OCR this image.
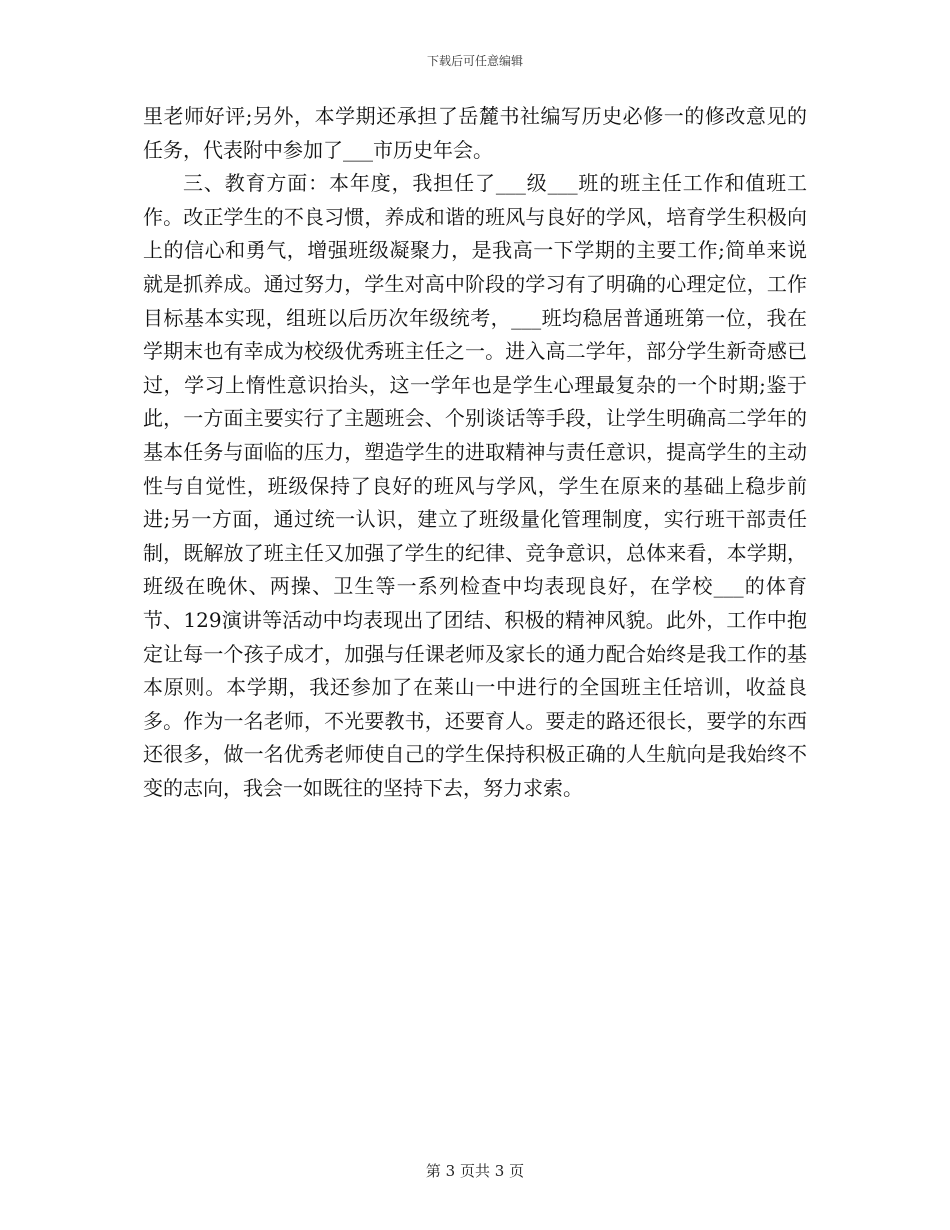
下载后可任意编辑

里老师好评;另外，本学期还承担了岳麓书社编写历史必修一的修改意见的任务，代表附中参加了___市历史年会。

三、教育方面：本年度，我担任了___级___班的班主任工作和值班工作。改正学生的不良习惯，养成和谐的班风与良好的学风，培育学生积极向上的信心和勇气，增强班级凝聚力，是我高一下学期的主要工作;简单来说就是抓养成。通过努力，学生对高中阶段的学习有了明确的心理定位，工作目标基本实现，组班以后历次年级统考，___班均稳居普通班第一位，我在学期末也有幸成为校级优秀班主任之一。进入高二学年，部分学生新奇感已过，学习上惰性意识抬头，这一学年也是学生心理最复杂的一个时期;鉴于此，一方面主要实行了主题班会、个别谈话等手段，让学生明确高二学年的基本任务与面临的压力，塑造学生的进取精神与责任意识，提高学生的主动性与自觉性，班级保持了良好的班风与学风，学生在原来的基础上稳步前进;另一方面，通过统一认识，建立了班级量化管理制度，实行班干部责任制，既解放了班主任又加强了学生的纪律、竞争意识，总体来看，本学期，班级在晚休、两操、卫生等一系列检查中均表现良好，在学校___的体育节、129演讲等活动中均表现出了团结、积极的精神风貌。此外，工作中抱定让每一个孩子成才，加强与任课老师及家长的通力配合始终是我工作的基本原则。本学期，我还参加了在莱山一中进行的全国班主任培训，收益良多。作为一名老师，不光要教书，还要育人。要走的路还很长，要学的东西还很多，做一名优秀老师使自己的学生保持积极正确的人生航向是我始终不变的志向，我会一如既往的坚持下去，努力求索。

第 3 页共 3 页
